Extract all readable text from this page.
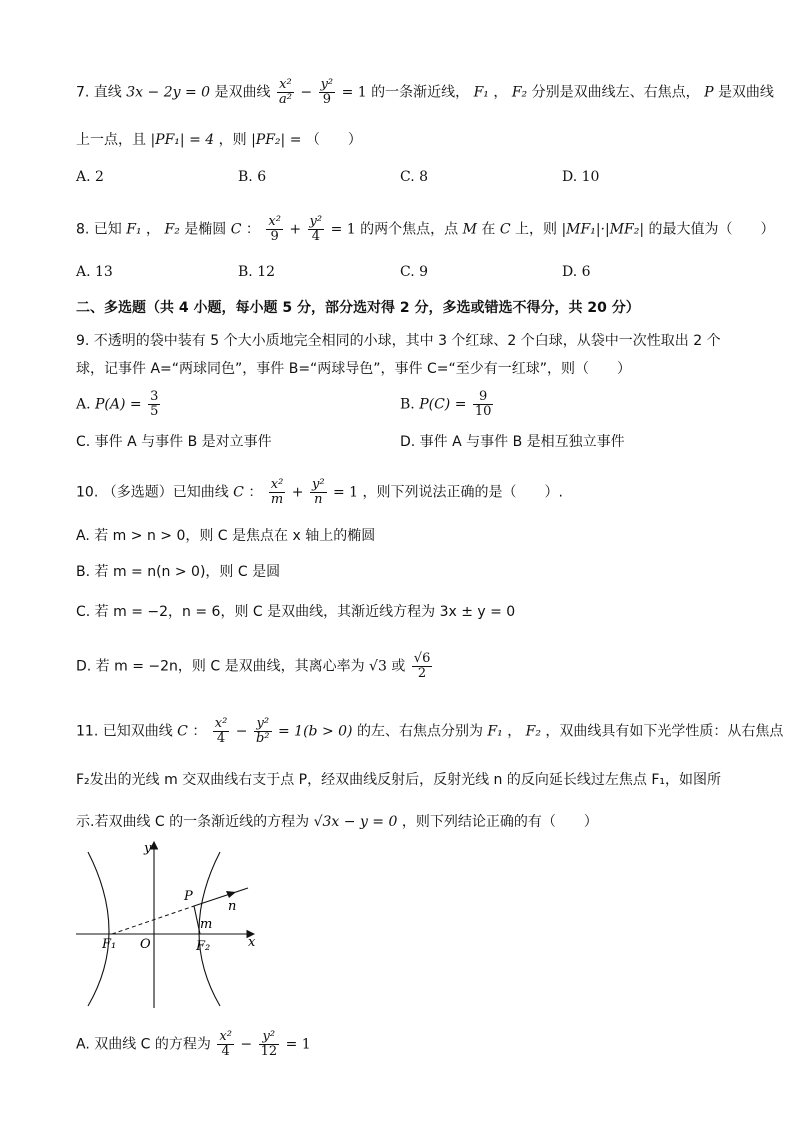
7. 直线 3x − 2y = 0 是双曲线 $\frac{\text{x²}}{\text{a²}} - \frac{\text{y²}}{9} = 1$ 的一条渐近线， F₁ ， F₂ 分别是双曲线左、右焦点， P 是双曲线
上一点，且 |PF₁| = 4 ，则 |PF₂| = （　　）
A. 2	B. 6	C. 8	D. 10
8. 已知 F₁ ， F₂ 是椭圆 C ： $\frac{\text{x²}}{9} + \frac{\text{y²}}{4} = 1$ 的两个焦点，点 M 在 C 上，则 |MF₁|·|MF₂| 的最大值为（　　）
A. 13	B. 12	C. 9	D. 6
二、多选题（共 4 小题，每小题 5 分，部分选对得 2 分，多选或错选不得分，共 20 分）
9. 不透明的袋中装有 5 个大小质地完全相同的小球，其中 3 个红球、2 个白球，从袋中一次性取出 2 个
球，记事件 A=“两球同色”，事件 B=“两球导色”，事件 C=“至少有一红球”，则（　　）
A. $P(A) = \frac{3}{5}$	B. $P(C) = \frac{9}{10}$
C. 事件 A 与事件 B 是对立事件	D. 事件 A 与事件 B 是相互独立事件
10. （多选题）已知曲线 C ： $\frac{\text{x²}}{m} + \frac{\text{y²}}{n} = 1$ ，则下列说法正确的是（　　）.
A. 若 m > n > 0，则 C 是焦点在 x 轴上的椭圆
B. 若 m = n(n > 0)，则 C 是圆
C. 若 m = −2，n = 6，则 C 是双曲线，其渐近线方程为 3x ± y = 0
D. 若 m = −2n，则 C 是双曲线，其离心率为 √3 或 $\frac{√6}{2}$
11. 已知双曲线 C ： $\frac{\text{x²}}{4} - \frac{\text{y²}}{\text{b²}} = 1(b > 0)$ 的左、右焦点分别为 F₁ ， F₂ ，双曲线具有如下光学性质：从右焦点
F₂发出的光线 m 交双曲线右支于点 P，经双曲线反射后，反射光线 n 的反向延长线过左焦点 F₁，如图所
示.若双曲线 C 的一条渐近线的方程为 √3x − y = 0 ，则下列结论正确的有（　　）
y
x
O
F₁	F₂
P
m
n
A. 双曲线 C 的方程为 $\frac{\text{x²}}{4} - \frac{\text{y²}}{12} = 1$
